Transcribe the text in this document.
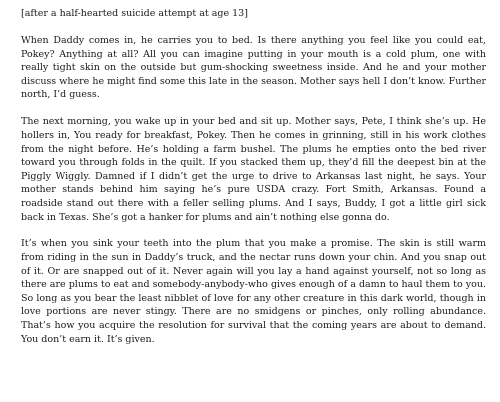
[after a half-hearted suicide attempt at age 13]

When Daddy comes in, he carries you to bed. Is there anything you feel like you could eat, Pokey? Anything at all? All you can imagine putting in your mouth is a cold plum, one with really tight skin on the outside but gum-shocking sweetness inside. And he and your mother discuss where he might find some this late in the season. Mother says hell I don’t know. Further north, I’d guess.

The next morning, you wake up in your bed and sit up. Mother says, Pete, I think she’s up. He hollers in, You ready for breakfast, Pokey. Then he comes in grinning, still in his work clothes from the night before. He’s holding a farm bushel. The plums he empties onto the bed river toward you through folds in the quilt. If you stacked them up, they’d fill the deepest bin at the Piggly Wiggly. Damned if I didn’t get the urge to drive to Arkansas last night, he says. Your mother stands behind him saying he’s pure USDA crazy. Fort Smith, Arkansas. Found a roadside stand out there with a feller selling plums. And I says, Buddy, I got a little girl sick back in Texas. She’s got a hanker for plums and ain’t nothing else gonna do.

It’s when you sink your teeth into the plum that you make a promise. The skin is still warm from riding in the sun in Daddy’s truck, and the nectar runs down your chin. And you snap out of it. Or are snapped out of it. Never again will you lay a hand against yourself, not so long as there are plums to eat and somebody-anybody-who gives enough of a damn to haul them to you. So long as you bear the least nibblet of love for any other creature in this dark world, though in love portions are never stingy. There are no smidgens or pinches, only rolling abundance. That’s how you acquire the resolution for survival that the coming years are about to demand. You don’t earn it. It’s given.
